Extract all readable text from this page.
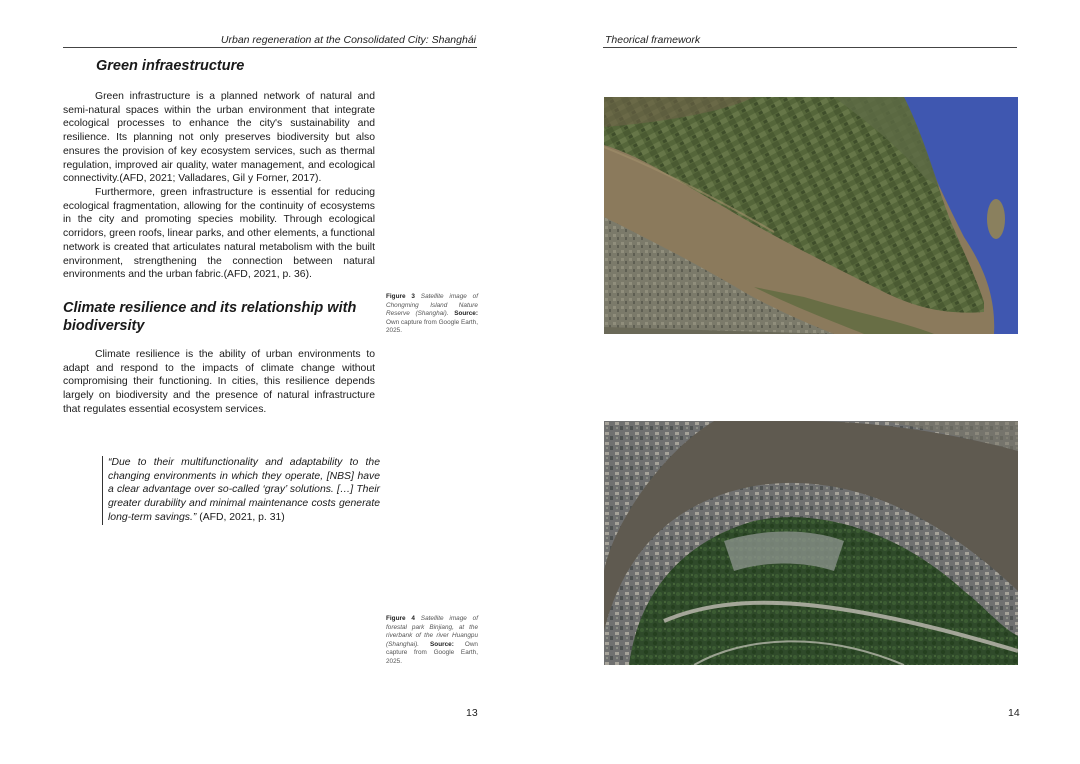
Urban regeneration at the Consolidated City: Shanghái
Green infraestructure

Green infrastructure is a planned network of natural and semi-natural spaces within the urban environment that integrate ecological processes to enhance the city's sustainability and resilience. Its planning not only preserves biodiversity but also ensures the provision of key ecosystem services, such as thermal regulation, improved air quality, water management, and ecological connectivity.(AFD, 2021; Valladares, Gil y Forner, 2017).

Furthermore, green infrastructure is essential for reducing ecological fragmentation, allowing for the continuity of ecosystems in the city and promoting species mobility. Through ecological corridors, green roofs, linear parks, and other elements, a functional network is created that articulates natural metabolism with the built environment, strengthening the connection between natural environments and the urban fabric.(AFD, 2021, p. 36).

Climate resilience and its relationship with biodiversity

Climate resilience is the ability of urban environments to adapt and respond to the impacts of climate change without compromising their functioning. In cities, this resilience depends largely on biodiversity and the presence of natural infrastructure that regulates essential ecosystem services.

“Due to their multifunctionality and adaptability to the changing environments in which they operate, [NBS] have a clear advantage over so-called ‘gray’ solutions. […] Their greater durability and minimal maintenance costs generate long-term savings.” (AFD, 2021, p. 31)
Figure 3 Satellite image of Chongming Island Nature Reserve (Shanghai). Source: Own capture from Google Earth, 2025.
Figure 4 Satellite image of forestal park Binjiang, at the riverbank of the river Huangpu (Shanghai). Source: Own capture from Google Earth, 2025.
13
Theorical framework
14
